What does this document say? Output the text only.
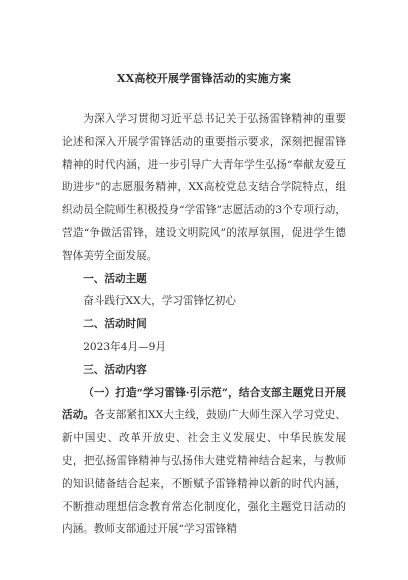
XX高校开展学雷锋活动的实施方案

为深入学习贯彻习近平总书记关于弘扬雷锋精神的重要论述和深入开展学雷锋活动的重要指示要求，深刻把握雷锋精神的时代内涵，进一步引导广大青年学生弘扬“奉献友爱互助进步”的志愿服务精神，XX高校党总支结合学院特点，组织动员全院师生积极投身“学雷锋”志愿活动的3个专项行动，营造“争做活雷锋，建设文明院风”的浓厚氛围，促进学生德智体美劳全面发展。

一、活动主题

奋斗践行XX大，学习雷锋忆初心

二、活动时间

2023年4月—9月

三、活动内容

（一）打造“学习雷锋·引示范”，结合支部主题党日开展活动。各支部紧扣XX大主线，鼓励广大师生深入学习党史、新中国史、改革开放史、社会主义发展史、中华民族发展史，把弘扬雷锋精神与弘扬伟大建党精神结合起来，与教师的知识储备结合起来，不断赋予雷锋精神以新的时代内涵，不断推动理想信念教育常态化制度化，强化主题党日活动的内涵。教师支部通过开展“学习雷锋精
